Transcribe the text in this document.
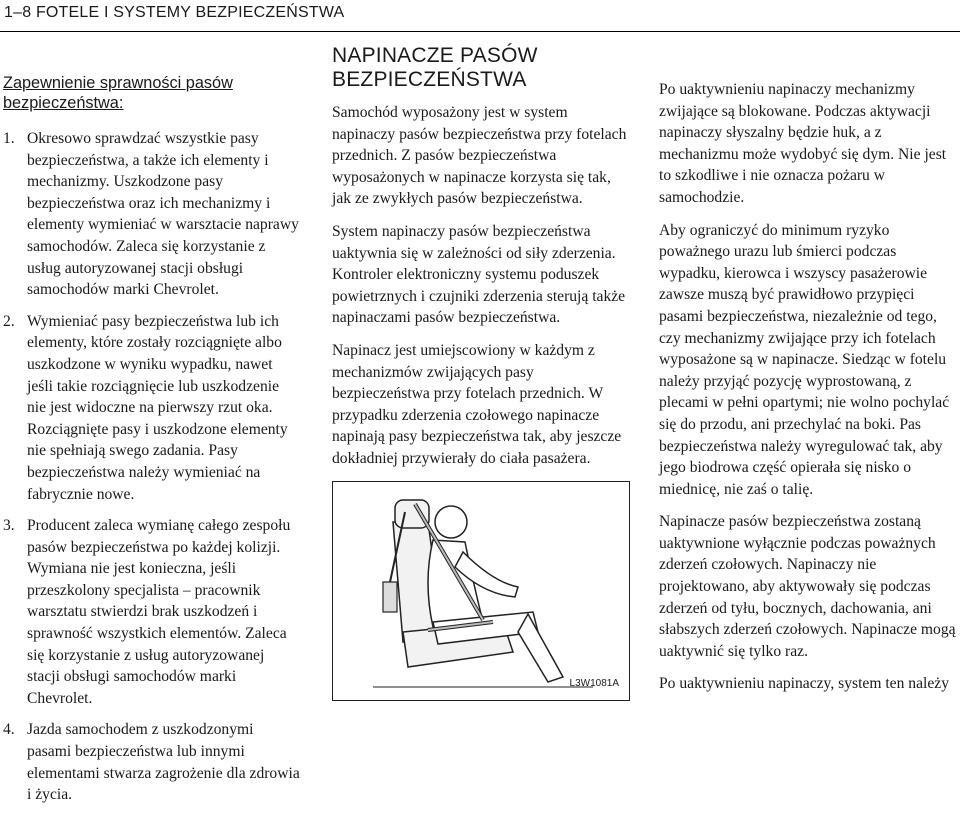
1–8 FOTELE I SYSTEMY BEZPIECZEŃSTWA
Zapewnienie sprawności pasów bezpieczeństwa:
1. Okresowo sprawdzać wszystkie pasy bezpieczeństwa, a także ich elementy i mechanizmy. Uszkodzone pasy bezpieczeństwa oraz ich mechanizmy i elementy wymieniać w warsztacie naprawy samochodów. Zaleca się korzystanie z usług autoryzowanej stacji obsługi samochodów marki Chevrolet.
2. Wymieniać pasy bezpieczeństwa lub ich elementy, które zostały rozciągnięte albo uszkodzone w wyniku wypadku, nawet jeśli takie rozciągnięcie lub uszkodzenie nie jest widoczne na pierwszy rzut oka. Rozciągnięte pasy i uszkodzone elementy nie spełniają swego zadania. Pasy bezpieczeństwa należy wymieniać na fabrycznie nowe.
3. Producent zaleca wymianę całego zespołu pasów bezpieczeństwa po każdej kolizji. Wymiana nie jest konieczna, jeśli przeszkolony specjalista – pracownik warsztatu stwierdzi brak uszkodzeń i sprawność wszystkich elementów. Zaleca się korzystanie z usług autoryzowanej stacji obsługi samochodów marki Chevrolet.
4. Jazda samochodem z uszkodzonymi pasami bezpieczeństwa lub innymi elementami stwarza zagrożenie dla zdrowia i życia.
NAPINACZE PASÓW BEZPIECZEŃSTWA

Samochód wyposażony jest w system napinaczy pasów bezpieczeństwa przy fotelach przednich. Z pasów bezpieczeństwa wyposażonych w napinacze korzysta się tak, jak ze zwykłych pasów bezpieczeństwa.

System napinaczy pasów bezpieczeństwa uaktywnia się w zależności od siły zderzenia. Kontroler elektroniczny systemu poduszek powietrznych i czujniki zderzenia sterują także napinaczami pasów bezpieczeństwa.

Napinacz jest umiejscowiony w każdym z mechanizmów zwijających pasy bezpieczeństwa przy fotelach przednich. W przypadku zderzenia czołowego napinacze napinają pasy bezpieczeństwa tak, aby jeszcze dokładniej przywierały do ciała pasażera.

L3W1081A

Po uaktywnieniu napinaczy mechanizmy zwijające są blokowane. Podczas aktywacji napinaczy słyszalny będzie huk, a z mechanizmu może wydobyć się dym. Nie jest to szkodliwe i nie oznacza pożaru w samochodzie.

Aby ograniczyć do minimum ryzyko poważnego urazu lub śmierci podczas wypadku, kierowca i wszyscy pasażerowie zawsze muszą być prawidłowo przypięci pasami bezpieczeństwa, niezależnie od tego, czy mechanizmy zwijające przy ich fotelach wyposażone są w napinacze. Siedząc w fotelu należy przyjąć pozycję wyprostowaną, z plecami w pełni opartymi; nie wolno pochylać się do przodu, ani przechylać na boki. Pas bezpieczeństwa należy wyregulować tak, aby jego biodrowa część opierała się nisko o miednicę, nie zaś o talię.

Napinacze pasów bezpieczeństwa zostaną uaktywnione wyłącznie podczas poważnych zderzeń czołowych. Napinaczy nie projektowano, aby aktywowały się podczas zderzeń od tyłu, bocznych, dachowania, ani słabszych zderzeń czołowych. Napinacze mogą uaktywnić się tylko raz.

Po uaktywnieniu napinaczy, system ten należy
